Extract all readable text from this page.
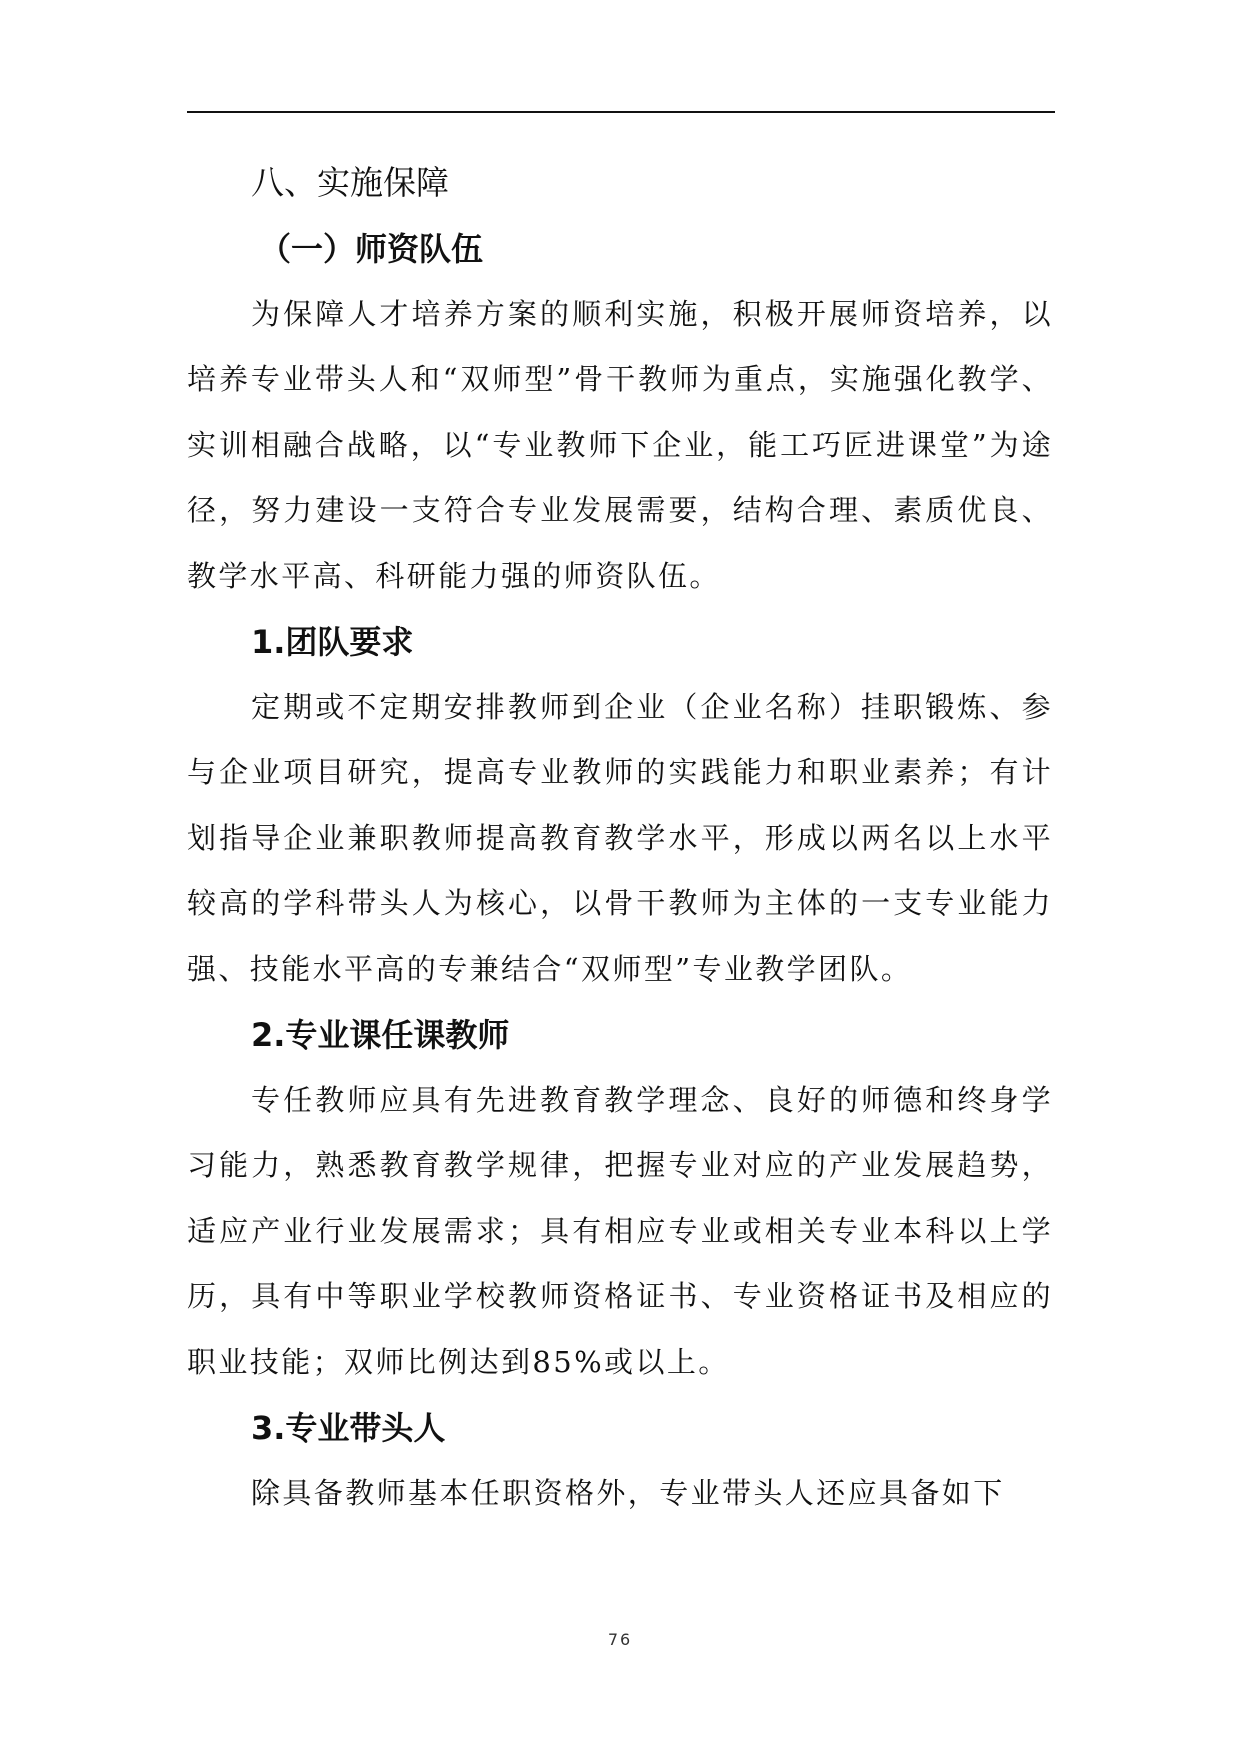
八、实施保障
（一）师资队伍

为保障人才培养方案的顺利实施，积极开展师资培养，以培养专业带头人和“双师型”骨干教师为重点，实施强化教学、实训相融合战略，以“专业教师下企业，能工巧匠进课堂”为途径，努力建设一支符合专业发展需要，结构合理、素质优良、教学水平高、科研能力强的师资队伍。

1.团队要求

定期或不定期安排教师到企业（企业名称）挂职锻炼、参与企业项目研究，提高专业教师的实践能力和职业素养；有计划指导企业兼职教师提高教育教学水平，形成以两名以上水平较高的学科带头人为核心，以骨干教师为主体的一支专业能力强、技能水平高的专兼结合“双师型”专业教学团队。

2.专业课任课教师

专任教师应具有先进教育教学理念、良好的师德和终身学习能力，熟悉教育教学规律，把握专业对应的产业发展趋势，适应产业行业发展需求；具有相应专业或相关专业本科以上学历，具有中等职业学校教师资格证书、专业资格证书及相应的职业技能；双师比例达到85%或以上。

3.专业带头人

除具备教师基本任职资格外，专业带头人还应具备如下

76
